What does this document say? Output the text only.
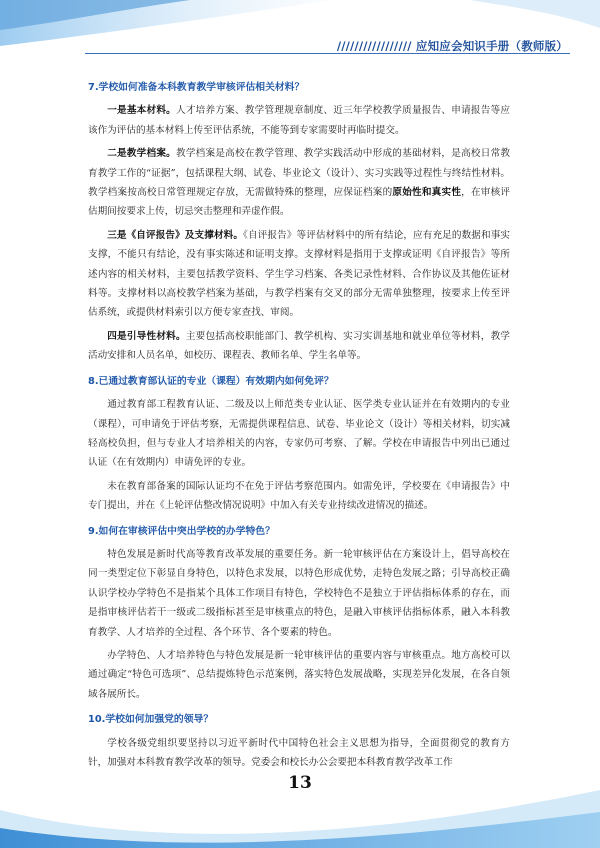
///////////////// 应知应会知识手册（教师版）
7.学校如何准备本科教育教学审核评估相关材料？

一是基本材料。人才培养方案、教学管理规章制度、近三年学校教学质量报告、申请报告等应该作为评估的基本材料上传至评估系统，不能等到专家需要时再临时提交。

二是教学档案。教学档案是高校在教学管理、教学实践活动中形成的基础材料，是高校日常教育教学工作的“证据”，包括课程大纲、试卷、毕业论文（设计）、实习实践等过程性与终结性材料。教学档案按高校日常管理规定存放，无需做特殊的整理，应保证档案的原始性和真实性，在审核评估期间按要求上传，切忌突击整理和弄虚作假。

三是《自评报告》及支撑材料。《自评报告》等评估材料中的所有结论，应有充足的数据和事实支撑，不能只有结论，没有事实陈述和证明支撑。支撑材料是指用于支撑或证明《自评报告》等所述内容的相关材料，主要包括教学资料、学生学习档案、各类记录性材料、合作协议及其他佐证材料等。支撑材料以高校教学档案为基础，与教学档案有交叉的部分无需单独整理，按要求上传至评估系统，或提供材料索引以方便专家查找、审阅。

四是引导性材料。主要包括高校职能部门、教学机构、实习实训基地和就业单位等材料，教学活动安排和人员名单，如校历、课程表、教师名单、学生名单等。

8.已通过教育部认证的专业（课程）有效期内如何免评？

通过教育部工程教育认证、二级及以上师范类专业认证、医学类专业认证并在有效期内的专业（课程），可申请免于评估考察，无需提供课程信息、试卷、毕业论文（设计）等相关材料，切实减轻高校负担，但与专业人才培养相关的内容，专家仍可考察、了解。学校在申请报告中列出已通过认证（在有效期内）申请免评的专业。

未在教育部备案的国际认证均不在免于评估考察范围内。如需免评，学校要在《申请报告》中专门提出，并在《上轮评估整改情况说明》中加入有关专业持续改进情况的描述。

9.如何在审核评估中突出学校的办学特色？

特色发展是新时代高等教育改革发展的重要任务。新一轮审核评估在方案设计上，倡导高校在同一类型定位下彰显自身特色，以特色求发展，以特色形成优势，走特色发展之路；引导高校正确认识学校办学特色不是指某个具体工作项目有特色，学校特色不是独立于评估指标体系的存在，而是指审核评估若干一级或二级指标甚至是审核重点的特色，是融入审核评估指标体系，融入本科教育教学、人才培养的全过程、各个环节、各个要素的特色。

办学特色、人才培养特色与特色发展是新一轮审核评估的重要内容与审核重点。地方高校可以通过确定“特色可选项”、总结提炼特色示范案例，落实特色发展战略，实现差异化发展，在各自领域各展所长。

10.学校如何加强党的领导？

学校各级党组织要坚持以习近平新时代中国特色社会主义思想为指导，全面贯彻党的教育方针，加强对本科教育教学改革的领导。党委会和校长办公会要把本科教育教学改革工作

13
